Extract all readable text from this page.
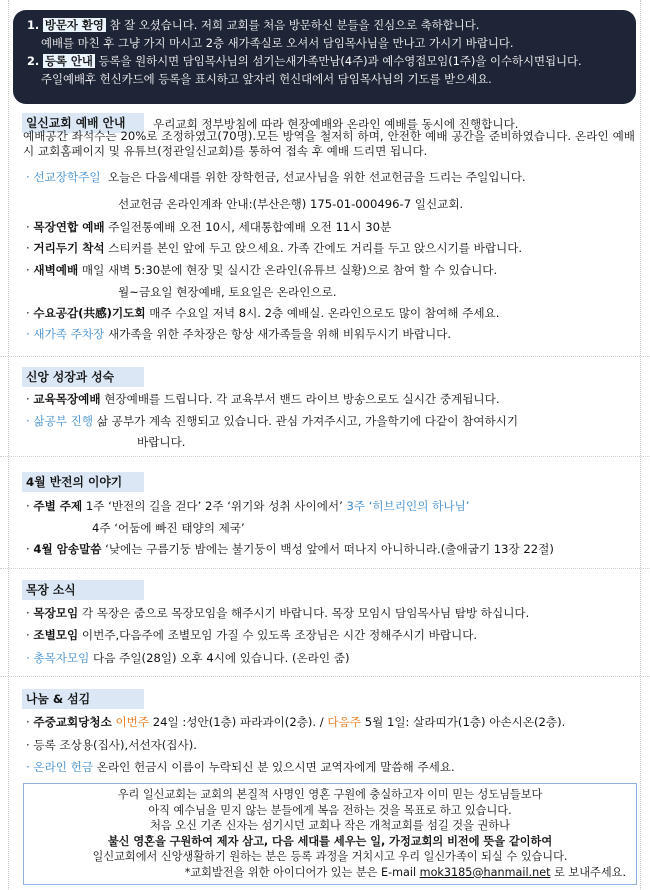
1. 방문자 환영 참 잘 오셨습니다. 저희 교회를 처음 방문하신 분들을 진심으로 축하합니다.
예배를 마친 후 그냥 가지 마시고 2층 새가족실로 오셔서 담임목사님을 만나고 가시기 바랍니다.
2. 등록 안내 등록을 원하시면 담임목사님의 섬기는새가족만남(4주)과 예수영접모임(1주)을 이수하시면됩니다.
주일예배후 헌신카드에 등록을 표시하고 앞자리 헌신대에서 담임목사님의 기도를 받으세요.
일신교회 예배 안내	우리교회 정부방침에 따라 현장예배와 온라인 예배를 동시에 진행합니다.
예배공간 좌석수는 20%로 조정하였고(70명).모든 방역을 철저히 하며, 안전한 예배 공간을 준비하였습니다. 온라인 예배시 교회홈페이지 및 유튜브(정관일신교회)를 통하여 접속 후 예배 드리면 됩니다.
· 선교장학주일 오늘은 다음세대를 위한 장학헌금, 선교사님을 위한 선교헌금을 드리는 주일입니다.
선교헌금 온라인계좌 안내:(부산은행) 175-01-000496-7 일신교회.
· 목장연합 예배 주일전통예배 오전 10시, 세대통합예배 오전 11시 30분
· 거리두기 착석 스티커를 본인 앞에 두고 앉으세요. 가족 간에도 거리를 두고 앉으시기를 바랍니다.
· 새벽예배 매일 새벽 5:30분에 현장 및 실시간 온라인(유튜브 실황)으로 참여 할 수 있습니다.
월~금요일 현장예배, 토요일은 온라인으로.
· 수요공감(共感)기도회 매주 수요일 저녁 8시. 2층 예배실. 온라인으로도 많이 참여해 주세요.
· 새가족 주차장 새가족을 위한 주차장은 항상 새가족들을 위해 비워두시기 바랍니다.
신앙 성장과 성숙
· 교육목장예배 현장예배를 드립니다. 각 교육부서 밴드 라이브 방송으로도 실시간 중계됩니다.
· 삶공부 진행 삶 공부가 계속 진행되고 있습니다. 관심 가져주시고, 가을학기에 다같이 참여하시기
바랍니다.
4월 반전의 이야기
· 주별 주제 1주 ‘반전의 길을 걷다’ 2주 ‘위기와 성취 사이에서’ 3주 ‘히브리인의 하나님’
4주 ‘어둠에 빠진 태양의 제국’
· 4월 암송말씀 ‘낮에는 구름기둥 밤에는 불기둥이 백성 앞에서 떠나지 아니하니라.(출애굽기 13장 22절)
목장 소식
· 목장모임 각 목장은 줌으로 목장모임을 해주시기 바랍니다. 목장 모임시 담임목사님 탐방 하십니다.
· 조별모임 이번주,다음주에 조별모임 가질 수 있도록 조장님은 시간 정해주시기 바랍니다.
· 총목자모임 다음 주일(28일) 오후 4시에 있습니다. (온라인 줌)
나눔 & 섬김
· 주중교회당청소 이번주 24일 :성안(1층) 파라과이(2층). / 다음주 5월 1일: 살라띠가(1층) 아손시온(2층).
· 등록 조상용(집사),서선자(집사).
· 온라인 헌금 온라인 헌금시 이름이 누락되신 분 있으시면 교역자에게 말씀해 주세요.
우리 일신교회는 교회의 본질적 사명인 영혼 구원에 충실하고자 이미 믿는 성도님들보다
아직 예수님을 믿지 않는 분들에게 복음 전하는 것을 목표로 하고 있습니다.
처음 오신 기존 신자는 섬기시던 교회나 작은 개척교회를 섬길 것을 권하나
불신 영혼을 구원하여 제자 삼고, 다음 세대를 세우는 일, 가정교회의 비전에 뜻을 같이하여
일신교회에서 신앙생활하기 원하는 분은 등록 과정을 거치시고 우리 일신가족이 되실 수 있습니다.
*교회발전을 위한 아이디어가 있는 분은 E-mail mok3185@hanmail.net 로 보내주세요.
